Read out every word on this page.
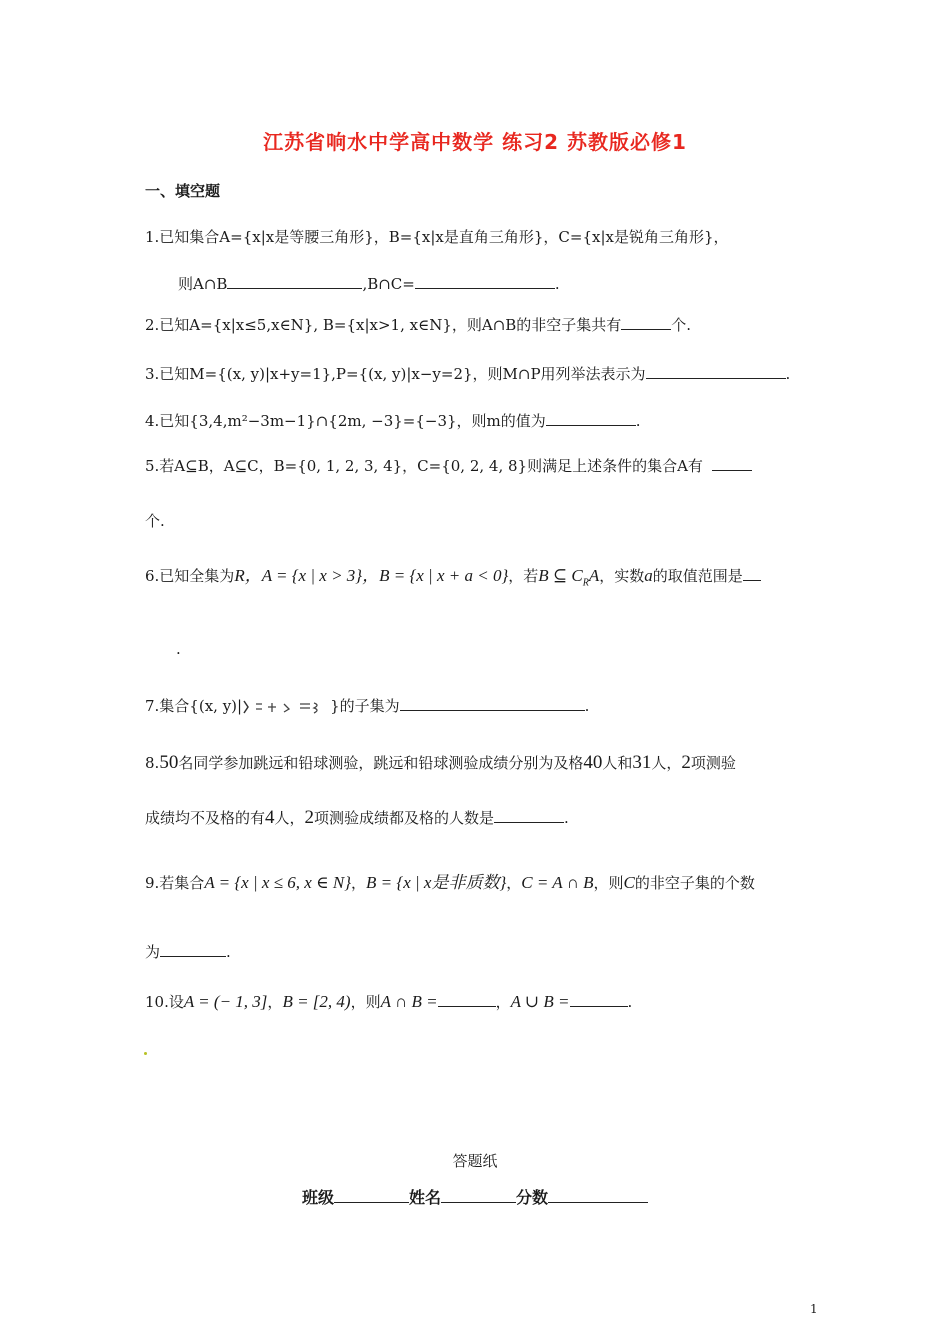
江苏省响水中学高中数学 练习2 苏教版必修1
一、填空题
1.已知集合A={x|x是等腰三角形}，B={x|x是直角三角形}，C={x|x是锐角三角形}，
则A∩B	,B∩C=	.
2.已知A={x|x≤5,x∈N}, B={x|x>1, x∈N}，则A∩B的非空子集共有	个.
3.已知M={(x, y)|x+y=1},P={(x, y)|x−y=2}，则M∩P用列举法表示为	.
4.已知{3,4,m²−3m−1}∩{2m, −3}={−3}，则m的值为	.
5.若A⊆B，A⊆C，B={0, 1, 2, 3, 4}，C={0, 2, 4, 8}则满足上述条件的集合A有
个.
6.已知全集为R，A = {x | x > 3}，B = {x | x + a < 0}，若B ⊆ $C_RA$，实数a的取值范围是
.
7.集合{(x, y)|	}的子集为	.
8.50名同学参加跳远和铅球测验，跳远和铅球测验成绩分别为及格40人和31人，2项测验
成绩均不及格的有4人，2项测验成绩都及格的人数是	.
9.若集合A = {x | x ≤ 6, x ∈ N}，B = {x | x是非质数}，C = A ∩ B，则C的非空子集的个数
为	.
10.设A = (− 1, 3]，B = [2, 4)，则A ∩ B =	，A ∪ B =	.
答题纸
班级	姓名	分数
1
